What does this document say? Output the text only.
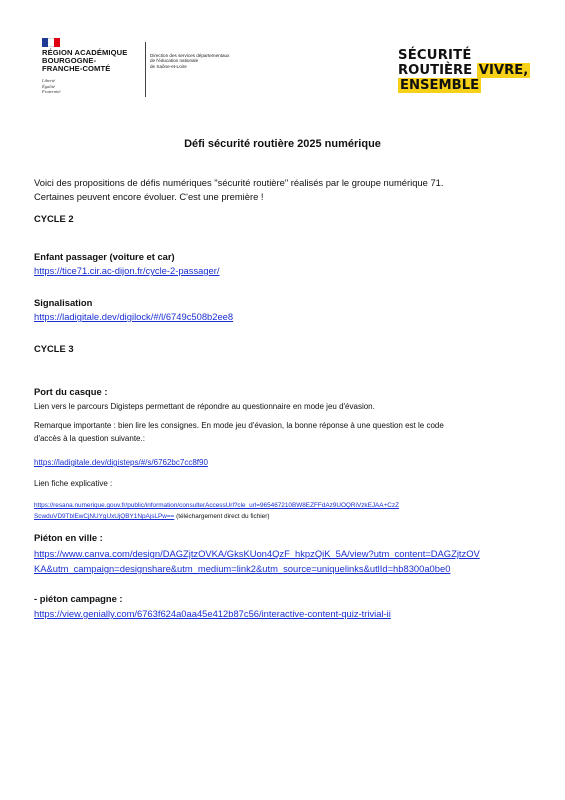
RÉGION ACADÉMIQUE
BOURGOGNE-
FRANCHE-COMTÉ
Liberté
Égalité
Fraternité
Direction des services départementaux
de l'éducation nationale
de Saône-et-Loire
SÉCURITÉ
ROUTIÈRE VIVRE,
ENSEMBLE
Défi sécurité routière 2025 numérique
Voici des propositions de défis numériques "sécurité routière" réalisés par le groupe numérique 71.
Certaines peuvent encore évoluer. C'est une première !
CYCLE 2
Enfant passager (voiture et car)
https://tice71.cir.ac-dijon.fr/cycle-2-passager/
Signalisation
https://ladigitale.dev/digilock/#/l/6749c508b2ee8
CYCLE 3
Port du casque :
Lien vers le parcours Digisteps permettant de répondre au questionnaire en mode jeu d'évasion.
Remarque importante : bien lire les consignes. En mode jeu d'évasion, la bonne réponse à une question est le code
d'accès à la question suivante.:
https://ladigitale.dev/digisteps/#/s/6762bc7cc8f90
Lien fiche explicative :
https://resana.numerique.gouv.fr/public/information/consulterAccessUrl?cle_url=965467210BW8EZFFdAz9UOQRiVzkEJAA+CzZ
ScwduVD9TblEwCjNUYgUxUjQBY1NpAjsLPw== (téléchargement direct du fichier)
Piéton en ville :
https://www.canva.com/design/DAGZjtzOVKA/GksKUon4QzF_hkpzQiK_5A/view?utm_content=DAGZjtzOV
KA&utm_campaign=designshare&utm_medium=link2&utm_source=uniquelinks&utlId=hb8300a0be0
- piéton campagne :
https://view.genially.com/6763f624a0aa45e412b87c56/interactive-content-quiz-trivial-ii
